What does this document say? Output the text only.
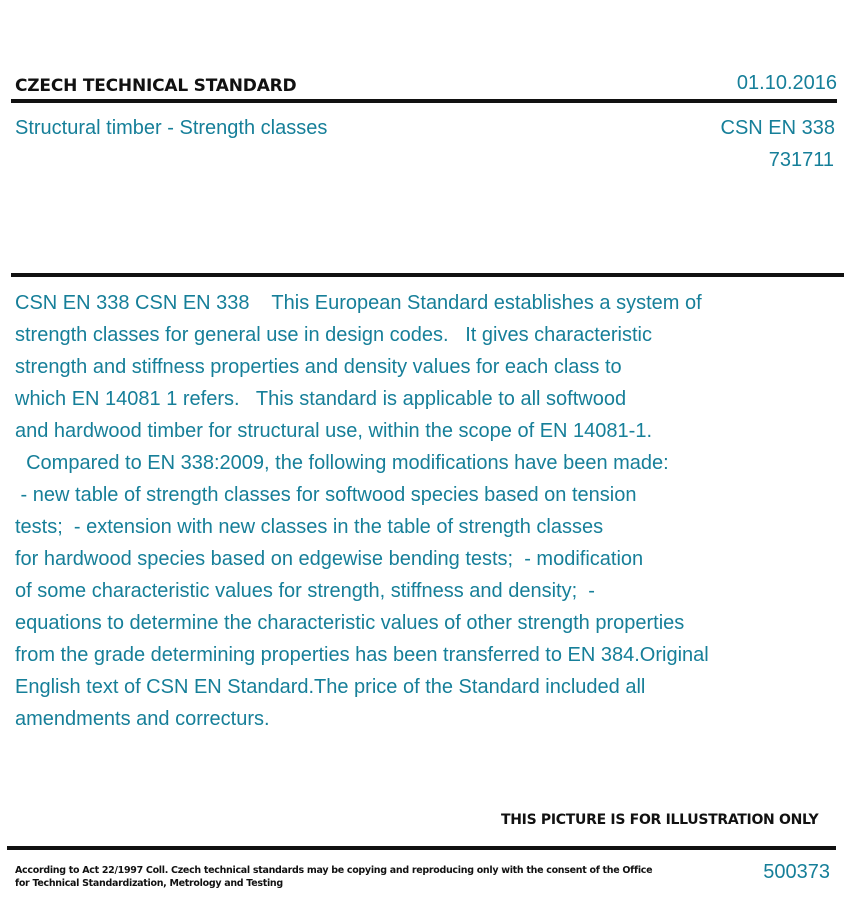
CZECH TECHNICAL STANDARD	01.10.2016
Structural timber - Strength classes	CSN EN 338
731711
CSN EN 338 CSN EN 338    This European Standard establishes a system of
strength classes for general use in design codes.   It gives characteristic
strength and stiffness properties and density values for each class to
which EN 14081 1 refers.   This standard is applicable to all softwood
and hardwood timber for structural use, within the scope of EN 14081-1.
Compared to EN 338:2009, the following modifications have been made:
- new table of strength classes for softwood species based on tension
tests;  - extension with new classes in the table of strength classes
for hardwood species based on edgewise bending tests;  - modification
of some characteristic values for strength, stiffness and density;  -
equations to determine the characteristic values of other strength properties
from the grade determining properties has been transferred to EN 384.Original
English text of CSN EN Standard.The price of the Standard included all
amendments and correcturs.
THIS PICTURE IS FOR ILLUSTRATION ONLY
According to Act 22/1997 Coll. Czech technical standards may be copying and reproducing only with the consent of the Office
for Technical Standardization, Metrology and Testing
500373
